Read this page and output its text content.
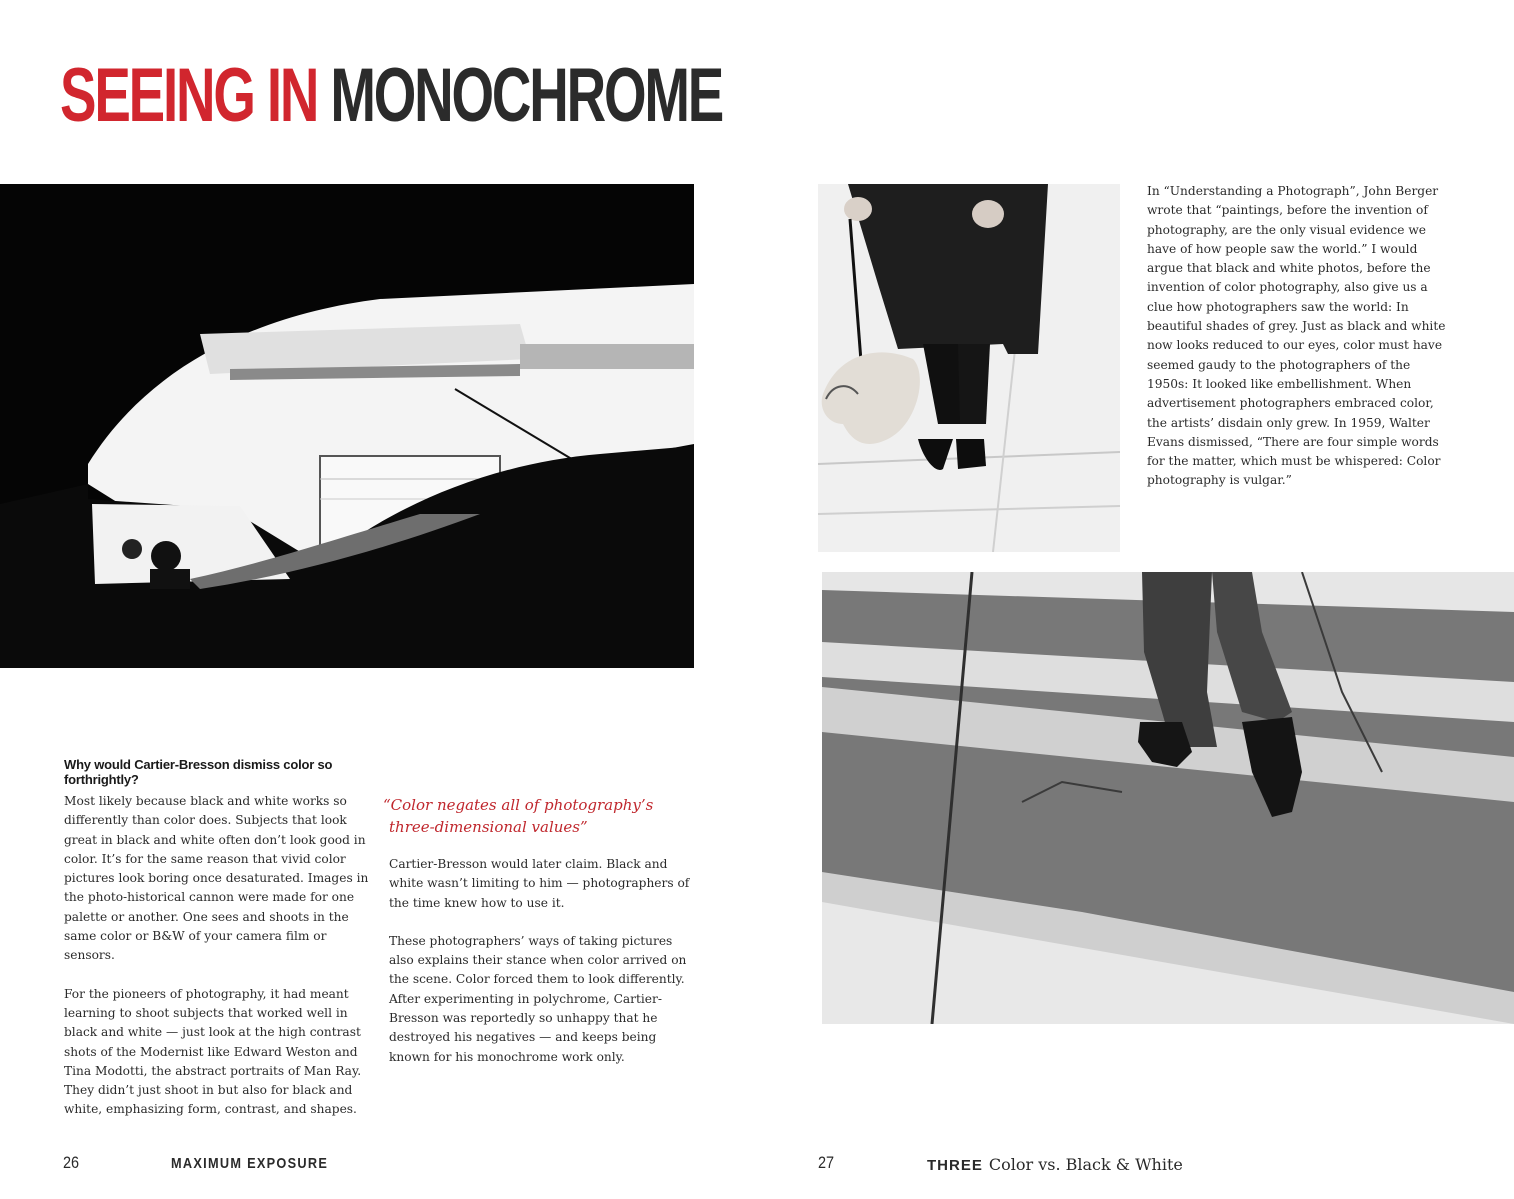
SEEING IN MONOCHROME
Why would Cartier-Bresson dismiss color so forthrightly?

Most likely because black and white works so differently than color does. Subjects that look great in black and white often don’t look good in color. It’s for the same reason that vivid color pictures look boring once desaturated. Images in the photo-historical cannon were made for one palette or another. One sees and shoots in the same color or B&W of your camera film or sensors.

For the pioneers of photography, it had meant learning to shoot subjects that worked well in black and white — just look at the high contrast shots of the Modernist like Edward Weston and Tina Modotti, the abstract portraits of Man Ray. They didn’t just shoot in but also for black and white, emphasizing form, contrast, and shapes.

“Color negates all of photography’s three-dimensional values”

Cartier-Bresson would later claim. Black and white wasn’t limiting to him — photographers of the time knew how to use it.

These photographers’ ways of taking pictures also explains their stance when color arrived on the scene. Color forced them to look differently. After experimenting in polychrome, Cartier-Bresson was reportedly so unhappy that he destroyed his negatives — and keeps being known for his monochrome work only.

In “Understanding a Photograph”, John Berger wrote that “paintings, before the invention of photography, are the only visual evidence we have of how people saw the world.” I would argue that black and white photos, before the invention of color photography, also give us a clue how photographers saw the world: In beautiful shades of grey. Just as black and white now looks reduced to our eyes, color must have seemed gaudy to the photographers of the 1950s: It looked like embellishment. When advertisement photographers embraced color, the artists’ disdain only grew. In 1959, Walter Evans dismissed, “There are four simple words for the matter, which must be whispered: Color photography is vulgar.”

26	MAXIMUM EXPOSURE	27	THREE Color vs. Black & White
